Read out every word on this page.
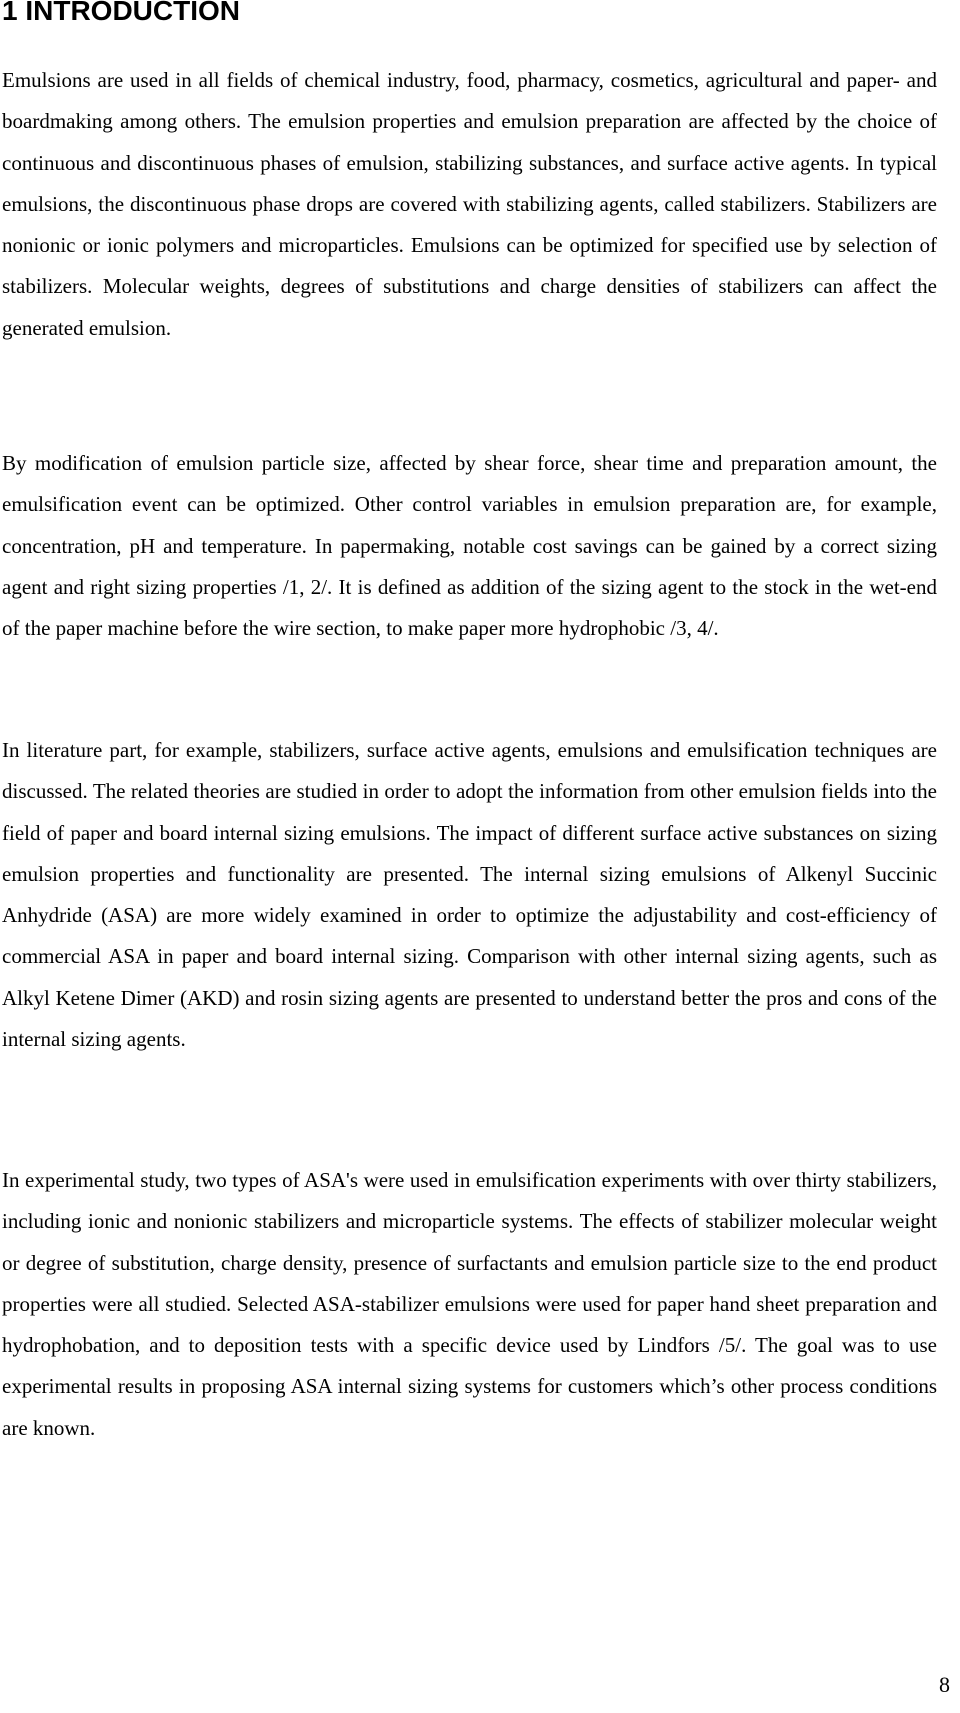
1 INTRODUCTION

Emulsions are used in all fields of chemical industry, food, pharmacy, cosmetics, agricultural and paper- and boardmaking among others. The emulsion properties and emulsion preparation are affected by the choice of continuous and discontinuous phases of emulsion, stabilizing substances, and surface active agents. In typical emulsions, the discontinuous phase drops are covered with stabilizing agents, called stabilizers. Stabilizers are nonionic or ionic polymers and microparticles. Emulsions can be optimized for specified use by selection of stabilizers. Molecular weights, degrees of substitutions and charge densities of stabilizers can affect the generated emulsion.

By modification of emulsion particle size, affected by shear force, shear time and preparation amount, the emulsification event can be optimized. Other control variables in emulsion preparation are, for example, concentration, pH and temperature. In papermaking, notable cost savings can be gained by a correct sizing agent and right sizing properties /1, 2/. It is defined as addition of the sizing agent to the stock in the wet-end of the paper machine before the wire section, to make paper more hydrophobic /3, 4/.

In literature part, for example, stabilizers, surface active agents, emulsions and emulsification techniques are discussed. The related theories are studied in order to adopt the information from other emulsion fields into the field of paper and board internal sizing emulsions. The impact of different surface active substances on sizing emulsion properties and functionality are presented. The internal sizing emulsions of Alkenyl Succinic Anhydride (ASA) are more widely examined in order to optimize the adjustability and cost-efficiency of commercial ASA in paper and board internal sizing. Comparison with other internal sizing agents, such as Alkyl Ketene Dimer (AKD) and rosin sizing agents are presented to understand better the pros and cons of the internal sizing agents.

In experimental study, two types of ASA's were used in emulsification experiments with over thirty stabilizers, including ionic and nonionic stabilizers and microparticle systems. The effects of stabilizer molecular weight or degree of substitution, charge density, presence of surfactants and emulsion particle size to the end product properties were all studied. Selected ASA-stabilizer emulsions were used for paper hand sheet preparation and hydrophobation, and to deposition tests with a specific device used by Lindfors /5/. The goal was to use experimental results in proposing ASA internal sizing systems for customers which’s other process conditions are known.

8
